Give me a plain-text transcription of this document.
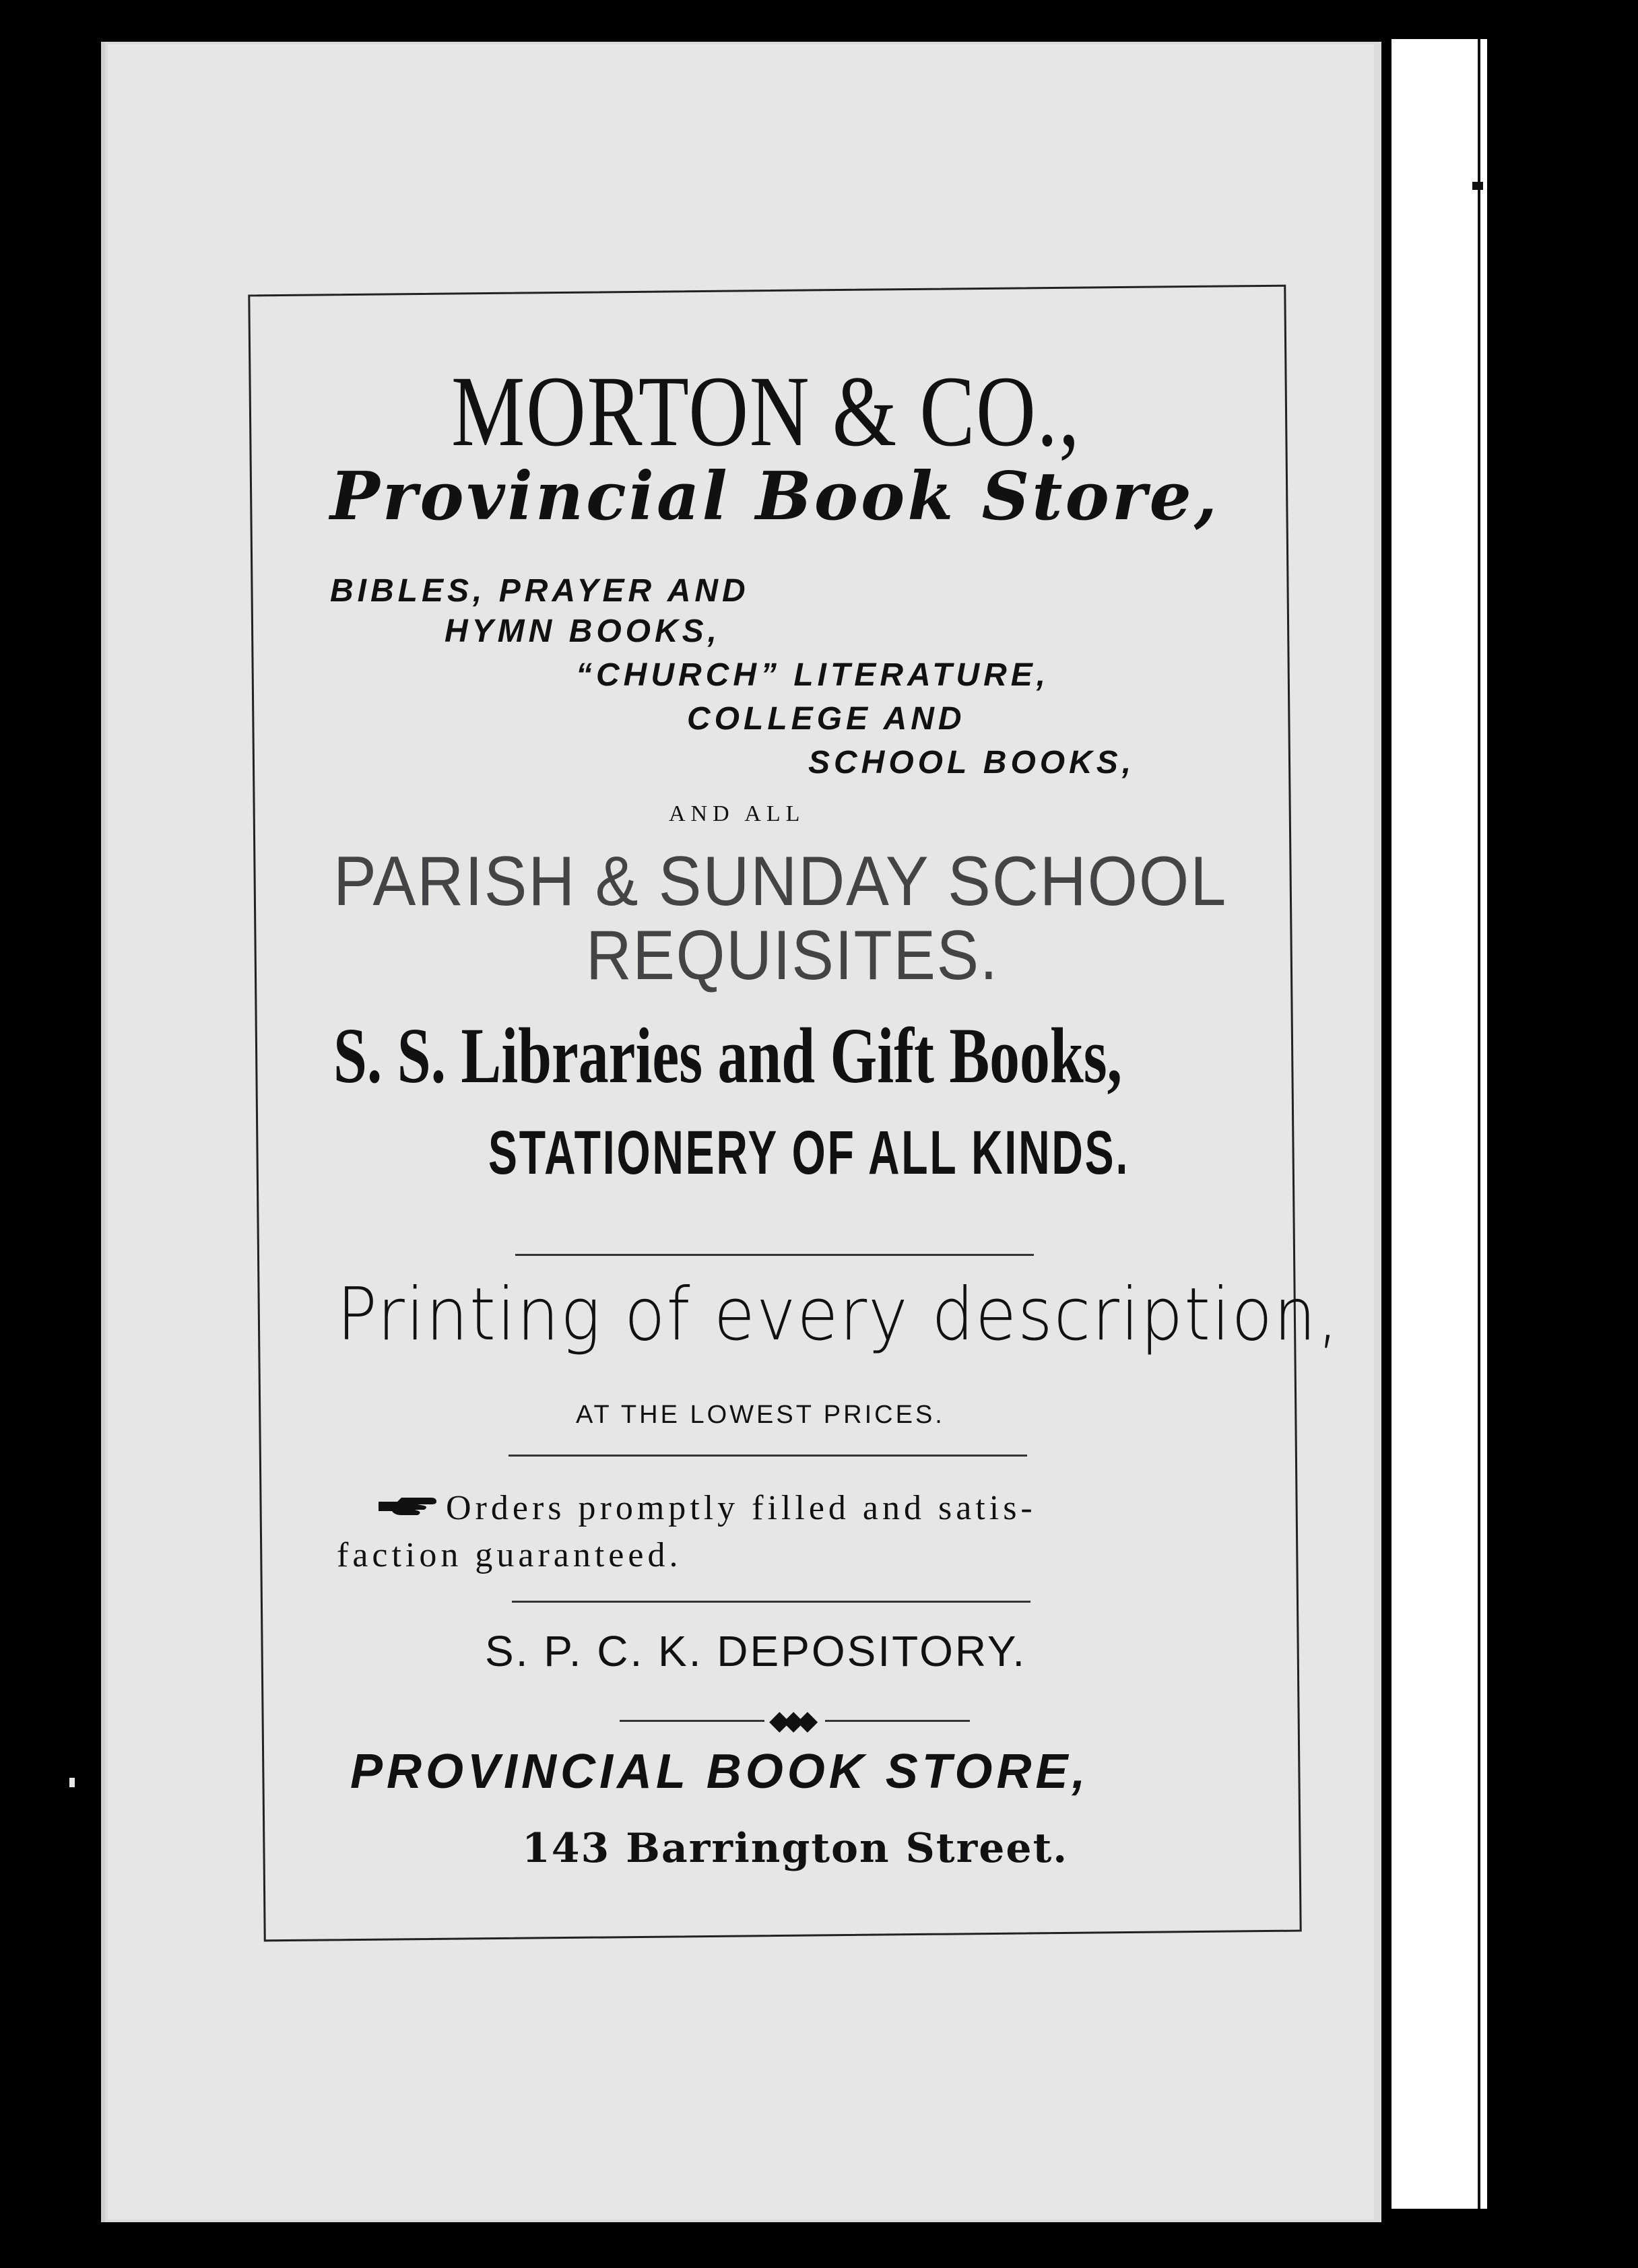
MORTON & CO.,
Provincial Book Store,
BIBLES, PRAYER AND
HYMN BOOKS,
“CHURCH” LITERATURE,
COLLEGE AND
SCHOOL BOOKS,
AND ALL
PARISH & SUNDAY SCHOOL
REQUISITES.
S. S. Libraries and Gift Books,
STATIONERY OF ALL KINDS.
Printing of every description,
AT THE LOWEST PRICES.
Orders promptly filled and satis-
faction guaranteed.
S. P. C. K. DEPOSITORY.
◆◆◆
PROVINCIAL BOOK STORE,
143 Barrington Street.
